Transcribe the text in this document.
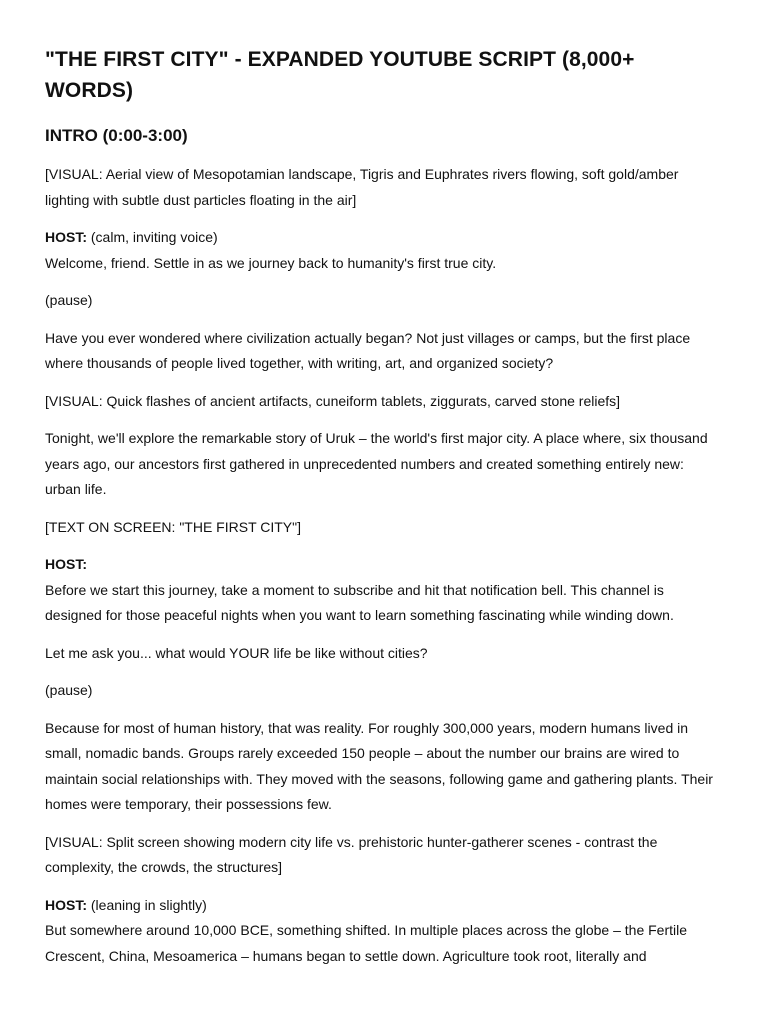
"THE FIRST CITY" - EXPANDED YOUTUBE SCRIPT (8,000+ WORDS)
INTRO (0:00-3:00)

[VISUAL: Aerial view of Mesopotamian landscape, Tigris and Euphrates rivers flowing, soft gold/amber lighting with subtle dust particles floating in the air]

HOST: (calm, inviting voice)
Welcome, friend. Settle in as we journey back to humanity's first true city.

(pause)

Have you ever wondered where civilization actually began? Not just villages or camps, but the first place where thousands of people lived together, with writing, art, and organized society?

[VISUAL: Quick flashes of ancient artifacts, cuneiform tablets, ziggurats, carved stone reliefs]

Tonight, we'll explore the remarkable story of Uruk – the world's first major city. A place where, six thousand years ago, our ancestors first gathered in unprecedented numbers and created something entirely new: urban life.

[TEXT ON SCREEN: "THE FIRST CITY"]

HOST:
Before we start this journey, take a moment to subscribe and hit that notification bell. This channel is designed for those peaceful nights when you want to learn something fascinating while winding down.

Let me ask you... what would YOUR life be like without cities?

(pause)

Because for most of human history, that was reality. For roughly 300,000 years, modern humans lived in small, nomadic bands. Groups rarely exceeded 150 people – about the number our brains are wired to maintain social relationships with. They moved with the seasons, following game and gathering plants. Their homes were temporary, their possessions few.

[VISUAL: Split screen showing modern city life vs. prehistoric hunter-gatherer scenes - contrast the complexity, the crowds, the structures]

HOST: (leaning in slightly)
But somewhere around 10,000 BCE, something shifted. In multiple places across the globe – the Fertile Crescent, China, Mesoamerica – humans began to settle down. Agriculture took root, literally and
